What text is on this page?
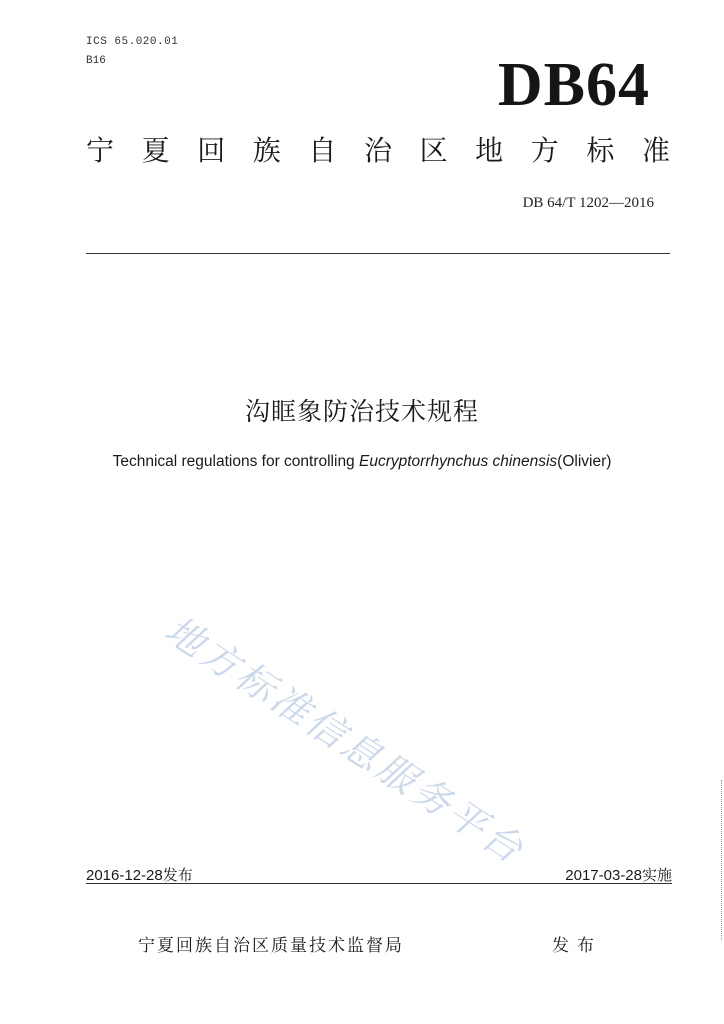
ICS 65.020.01
B16	DB64
宁 夏 回 族 自 治 区 地 方 标 准
DB 64/T 1202—2016
沟眶象防治技术规程
Technical regulations for controlling Eucryptorrhynchus chinensis(Olivier)
地方标准信息服务平台
2016-12-28发布	2017-03-28实施
宁夏回族自治区质量技术监督局	发布
